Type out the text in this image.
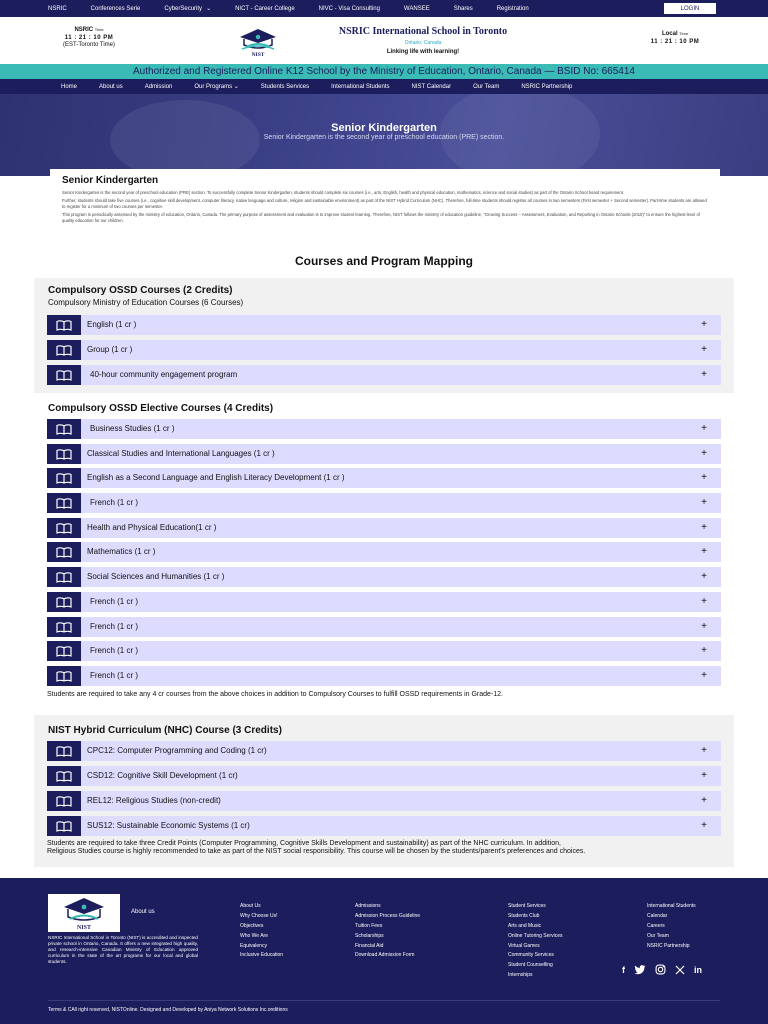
NSRIC	Conferences Serie	CyberSecurity ⌄	NICT - Career College	NIVC - Visa Consulting	WANSEE	Shares	Registration	LOGIN
NSRIC Time
11 : 21 : 10 PM
(EST-Toronto Time)
NIST
NSRIC International School in Toronto
Ontario, Canada
Linking life with learning!
Local Time
11 : 21 : 10 PM
Authorized and Registered Online K12 School by the Ministry of Education, Ontario, Canada — BSID No: 665414
Home	About us	Admission	Our Programs ⌄	Students Services	International Students	NIST Calendar	Our Team	NSRIC Partnership
Senior Kindergarten
Senior Kindergarten is the second year of preschool education (PRE) section.
Senior Kindergarten

Senior Kindergarten is the second year of preschool education (PRE) section. To successfully complete Senior Kindergarten, students should complete six courses (i.e., arts, English, health and physical education, mathematics, science and social studies) as part of the Ontario School board requirement.

Further, students should take five courses (i.e., cognitive skill development, computer literacy, native language and culture, religion and sustainable environment) as part of the NIST Hybrid Curriculum (NHC). Therefore, full-time students should register all courses in two semesters (First semester + Second semester). Part-time students are allowed to register for a minimum of two courses per semester.

This program is periodically assessed by the ministry of education, Ontario, Canada. The primary purpose of assessment and evaluation is to improve student learning. Therefore, NIST follows the ministry of education guideline, "Growing Success – Assessment, Evaluation, and Reporting in Ontario Schools (2010)" to ensure the highest level of quality education for our children.

Courses and Program Mapping
Compulsory OSSD Courses (2 Credits)
Compulsory Ministry of Education Courses (6 Courses)
English (1 cr )	+
Group (1 cr )	+
40-hour community engagement program	+
Compulsory OSSD Elective Courses (4 Credits)
Business Studies (1 cr )	+
Classical Studies and International Languages (1 cr )	+
English as a Second Language and English Literacy Development (1 cr )	+
French (1 cr )	+
Health and Physical Education(1 cr )	+
Mathematics (1 cr )	+
Social Sciences and Humanities (1 cr )	+
French (1 cr )	+
French (1 cr )	+
French (1 cr )	+
French (1 cr )	+
Students are required to take any 4 cr courses from the above choices in addition to Compulsory Courses to fulfill OSSD requirements in Grade-12.
NIST Hybrid Curriculum (NHC) Course (3 Credits)
CPC12: Computer Programming and Coding (1 cr)	+
CSD12: Cognitive Skill Development (1 cr)	+
REL12: Religious Studies (non-credit)	+
SUS12: Sustainable Economic Systems (1 cr)	+
Students are required to take three Credit Points (Computer Programming, Cognitive Skills Development and sustainability) as part of the NHC curriculum. In addition, Religious Studies course is highly recommended to take as part of the NIST social responsibility. This course will be chosen by the students/parent's preferences and choices.
NIST
About us
NSRIC International School in Toronto (NIST) is accredited and inspected private school in Ontario, Canada. It offers a new integrated high quality, and research-intensive Canadian Ministry of Education approved curriculum in the state of the art programs for our local and global students.
About Us
Why Choose Us!
Objectives
Who We Are
Equivalency
Inclusive Education
Admissions
Admission Process Guideline
Tuition Fees
Scholarships
Financial Aid
Download Admission Form
Student Services
Students Club
Arts and Music
Online Tutoring Services
Virtual Games
Community Services
Student Counselling
Internships
International Students
Calendar
Careers
Our Team
NSRIC Partnership
f	in
Terms & CAll right reserved, NISTOnline. Designed and Developed by Aniya Network Solutions Inc.onditions
